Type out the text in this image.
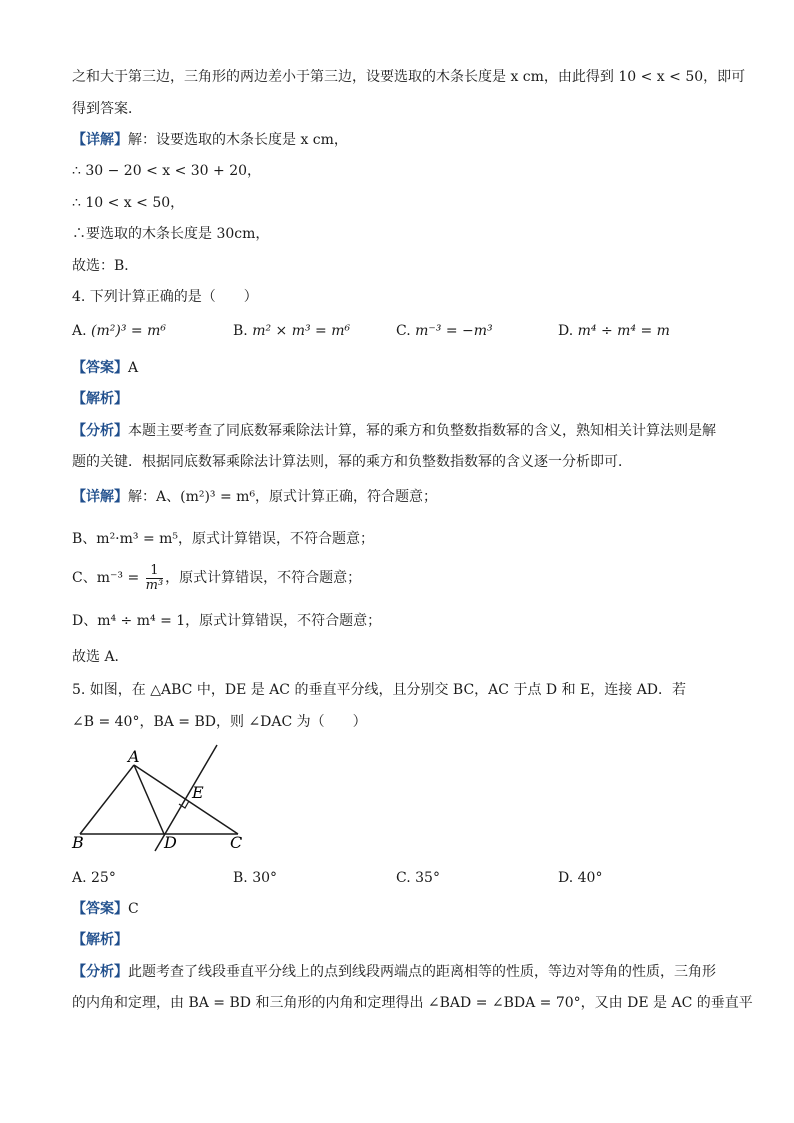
之和大于第三边，三角形的两边差小于第三边，设要选取的木条长度是 x cm，由此得到 10 < x < 50，即可
得到答案．
【详解】解：设要选取的木条长度是 x cm，
∴ 30 − 20 < x < 30 + 20，
∴ 10 < x < 50，
∴要选取的木条长度是 30cm，
故选：B．
4. 下列计算正确的是（　　）
A. (m²)³ = m⁶	B. m² × m³ = m⁶	C. m⁻³ = −m³	D. m⁴ ÷ m⁴ = m
【答案】A
【解析】
【分析】本题主要考查了同底数幂乘除法计算，幂的乘方和负整数指数幂的含义，熟知相关计算法则是解
题的关键．根据同底数幂乘除法计算法则，幂的乘方和负整数指数幂的含义逐一分析即可．
【详解】解：A、(m²)³ = m⁶，原式计算正确，符合题意；
B、m²·m³ = m⁵，原式计算错误，不符合题意；
C、$m^{-3} = \frac{1}{\text{m³}}$ ，原式计算错误，不符合题意；
D、m⁴ ÷ m⁴ = 1，原式计算错误，不符合题意；
故选 A．
5. 如图，在 △ABC 中，DE 是 AC 的垂直平分线，且分别交 BC，AC 于点 D 和 E，连接 AD．若
∠B = 40°，BA = BD，则 ∠DAC 为（　　）
A
B	C
D
E
A. 25°	B. 30°	C. 35°	D. 40°
【答案】C
【解析】
【分析】此题考查了线段垂直平分线上的点到线段两端点的距离相等的性质，等边对等角的性质，三角形
的内角和定理，由 BA = BD 和三角形的内角和定理得出 ∠BAD = ∠BDA = 70°，又由 DE 是 AC 的垂直平
